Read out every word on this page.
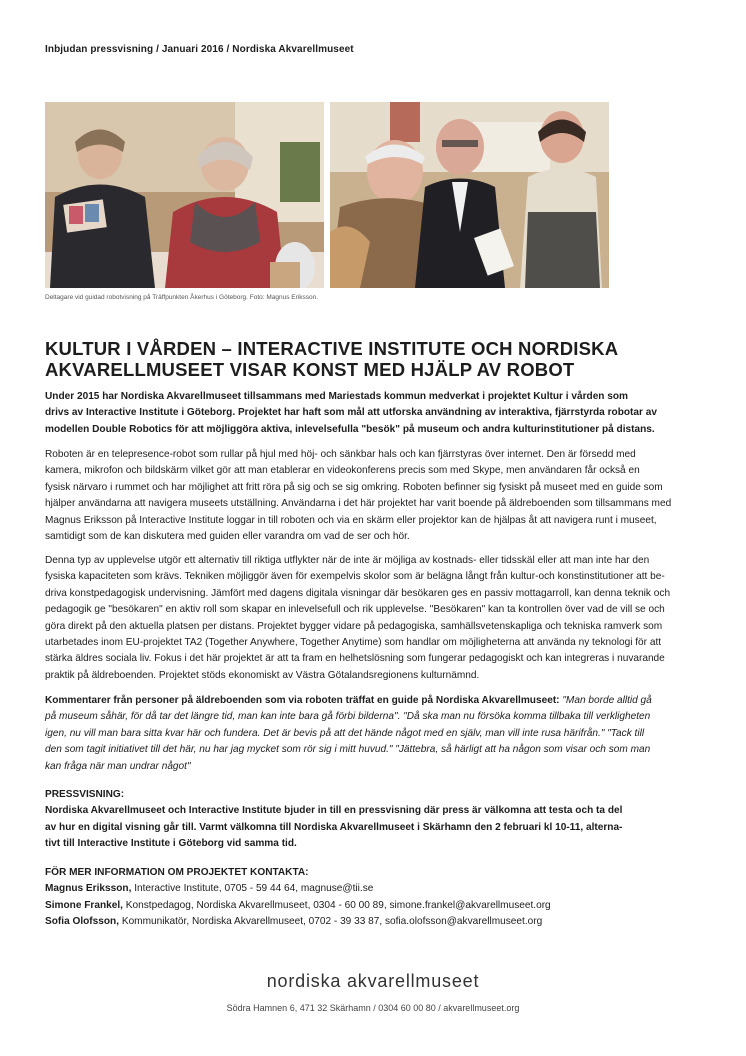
Inbjudan pressvisning / Januari 2016 / Nordiska Akvarellmuseet
Deltagare vid guidad robotvisning på Träffpunkten Åkerhus i Göteborg. Foto: Magnus Eriksson.
KULTUR I VÅRDEN – INTERACTIVE INSTITUTE OCH NORDISKA
AKVARELLMUSEET VISAR KONST MED HJÄLP AV ROBOT

Under 2015 har Nordiska Akvarellmuseet tillsammans med Mariestads kommun medverkat i projektet Kultur i vården som
drivs av Interactive Institute i Göteborg. Projektet har haft som mål att utforska användning av interaktiva, fjärrstyrda robotar av
modellen Double Robotics för att möjliggöra aktiva, inlevelsefulla "besök" på museum och andra kulturinstitutioner på distans.

Roboten är en telepresence-robot som rullar på hjul med höj- och sänkbar hals och kan fjärrstyras över internet. Den är försedd med
kamera, mikrofon och bildskärm vilket gör att man etablerar en videokonferens precis som med Skype, men användaren får också en
fysisk närvaro i rummet och har möjlighet att fritt röra på sig och se sig omkring. Roboten befinner sig fysiskt på museet med en guide som
hjälper användarna att navigera museets utställning. Användarna i det här projektet har varit boende på äldreboenden som tillsammans med
Magnus Eriksson på Interactive Institute loggar in till roboten och via en skärm eller projektor kan de hjälpas åt att navigera runt i museet,
samtidigt som de kan diskutera med guiden eller varandra om vad de ser och hör.

Denna typ av upplevelse utgör ett alternativ till riktiga utflykter när de inte är möjliga av kostnads- eller tidsskäl eller att man inte har den
fysiska kapaciteten som krävs. Tekniken möjliggör även för exempelvis skolor som är belägna långt från kultur-och konstinstitutioner att be-
driva konstpedagogisk undervisning. Jämfört med dagens digitala visningar där besökaren ges en passiv mottagarroll, kan denna teknik och
pedagogik ge "besökaren" en aktiv roll som skapar en inlevelsefull och rik upplevelse. "Besökaren" kan ta kontrollen över vad de vill se och
göra direkt på den aktuella platsen per distans. Projektet bygger vidare på pedagogiska, samhällsvetenskapliga och tekniska ramverk som
utarbetades inom EU-projektet TA2 (Together Anywhere, Together Anytime) som handlar om möjligheterna att använda ny teknologi för att
stärka äldres sociala liv. Fokus i det här projektet är att ta fram en helhetslösning som fungerar pedagogiskt och kan integreras i nuvarande
praktik på äldreboenden. Projektet stöds ekonomiskt av Västra Götalandsregionens kulturnämnd.

Kommentarer från personer på äldreboenden som via roboten träffat en guide på Nordiska Akvarellmuseet: "Man borde alltid gå
på museum såhär, för då tar det längre tid, man kan inte bara gå förbi bilderna". "Då ska man nu försöka komma tillbaka till verkligheten
igen, nu vill man bara sitta kvar här och fundera. Det är bevis på att det hände något med en själv, man vill inte rusa härifrån." "Tack till
den som tagit initiativet till det här, nu har jag mycket som rör sig i mitt huvud." "Jättebra, så härligt att ha någon som visar och som man
kan fråga när man undrar något"

PRESSVISNING:
Nordiska Akvarellmuseet och Interactive Institute bjuder in till en pressvisning där press är välkomna att testa och ta del
av hur en digital visning går till. Varmt välkomna till Nordiska Akvarellmuseet i Skärhamn den 2 februari kl 10-11, alterna-
tivt till Interactive Institute i Göteborg vid samma tid.

FÖR MER INFORMATION OM PROJEKTET KONTAKTA:
Magnus Eriksson, Interactive Institute, 0705 - 59 44 64, magnuse@tii.se
Simone Frankel, Konstpedagog, Nordiska Akvarellmuseet, 0304 - 60 00 89, simone.frankel@akvarellmuseet.org
Sofia Olofsson, Kommunikatör, Nordiska Akvarellmuseet, 0702 - 39 33 87, sofia.olofsson@akvarellmuseet.org

nordiska akvarellmuseet
Södra Hamnen 6, 471 32 Skärhamn / 0304 60 00 80 / akvarellmuseet.org
